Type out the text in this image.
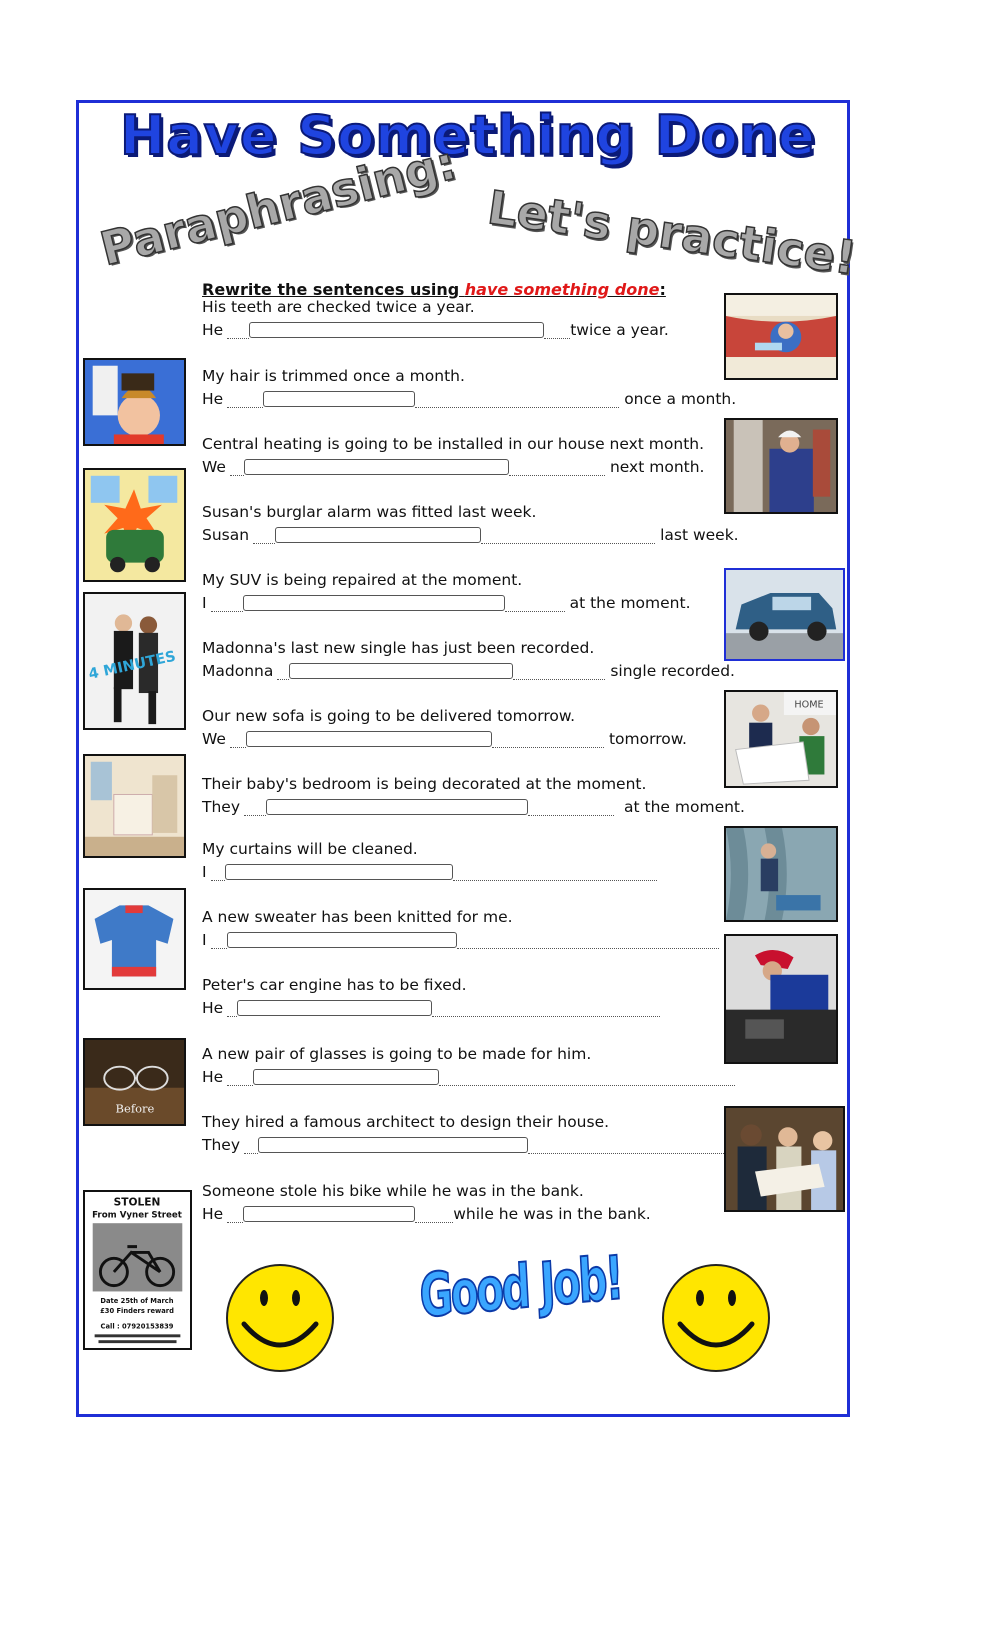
Have Something Done
Paraphrasing: Let's practice!
Rewrite the sentences using have something done:
His teeth are checked twice a year.
He	twice a year.
My hair is trimmed once a month.
He	once a month.
Central heating is going to be installed in our house next month.
We	next month.
Susan's burglar alarm was fitted last week.
Susan	last week.
My SUV is being repaired at the moment.
I	at the moment.
Madonna's last new single has just been recorded.
Madonna	single recorded.
Our new sofa is going to be delivered tomorrow.
We	tomorrow.
Their baby's bedroom is being decorated at the moment.
They	at the moment.
My curtains will be cleaned.
I
A new sweater has been knitted for me.
I
Peter's car engine has to be fixed.
He
A new pair of glasses is going to be made for him.
He
They hired a famous architect to design their house.
They
Someone stole his bike while he was in the bank.
He	while he was in the bank.
HOME
4 MINUTES
Before
STOLEN
From Vyner Street
Date 25th of March
£30 Finders reward
Call : 07920153839	Good Job!
